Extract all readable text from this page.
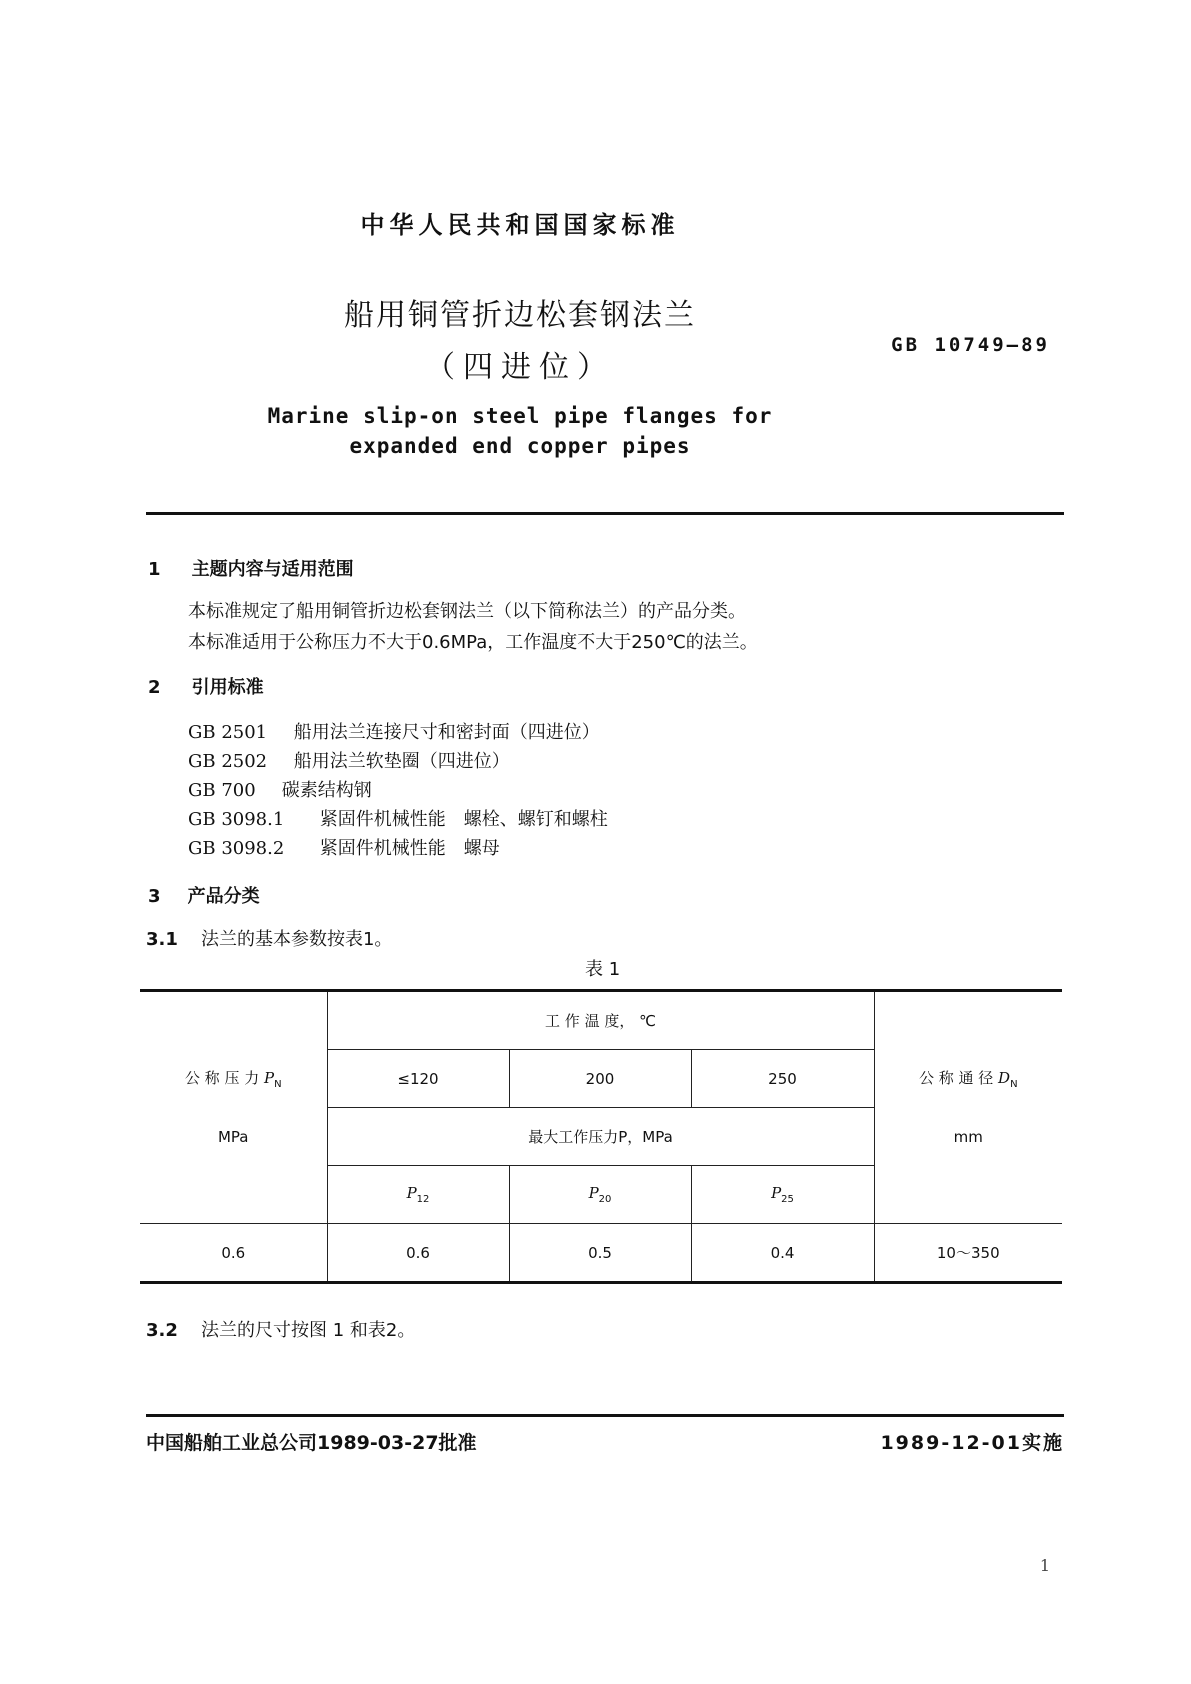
中华人民共和国国家标准
船用铜管折边松套钢法兰
（四进位）
GB 10749—89
Marine slip-on steel pipe flanges for
expanded end copper pipes
1 主题内容与适用范围
本标准规定了船用铜管折边松套钢法兰（以下简称法兰）的产品分类。
本标准适用于公称压力不大于0.6MPa，工作温度不大于250℃的法兰。
2 引用标准
GB 2501 船用法兰连接尺寸和密封面（四进位）
GB 2502 船用法兰软垫圈（四进位）
GB 700 碳素结构钢
GB 3098.1 紧固件机械性能　螺栓、螺钉和螺柱
GB 3098.2 紧固件机械性能　螺母
3 产品分类
3.1 法兰的基本参数按表1。
表 1
	工 作 温 度， ℃			
公 称 压 力 $P_N$	≤120	200	250	公 称 通 径 $D_N$
MPa	最大工作压力P，MPa			mm
	$P_{12}$	$P_{20}$	$P_{25}$	
0.6	0.6	0.5	0.4	10～350
3.2 法兰的尺寸按图 1 和表2。
中国船舶工业总公司1989-03-27批准	1989-12-01实施
1
